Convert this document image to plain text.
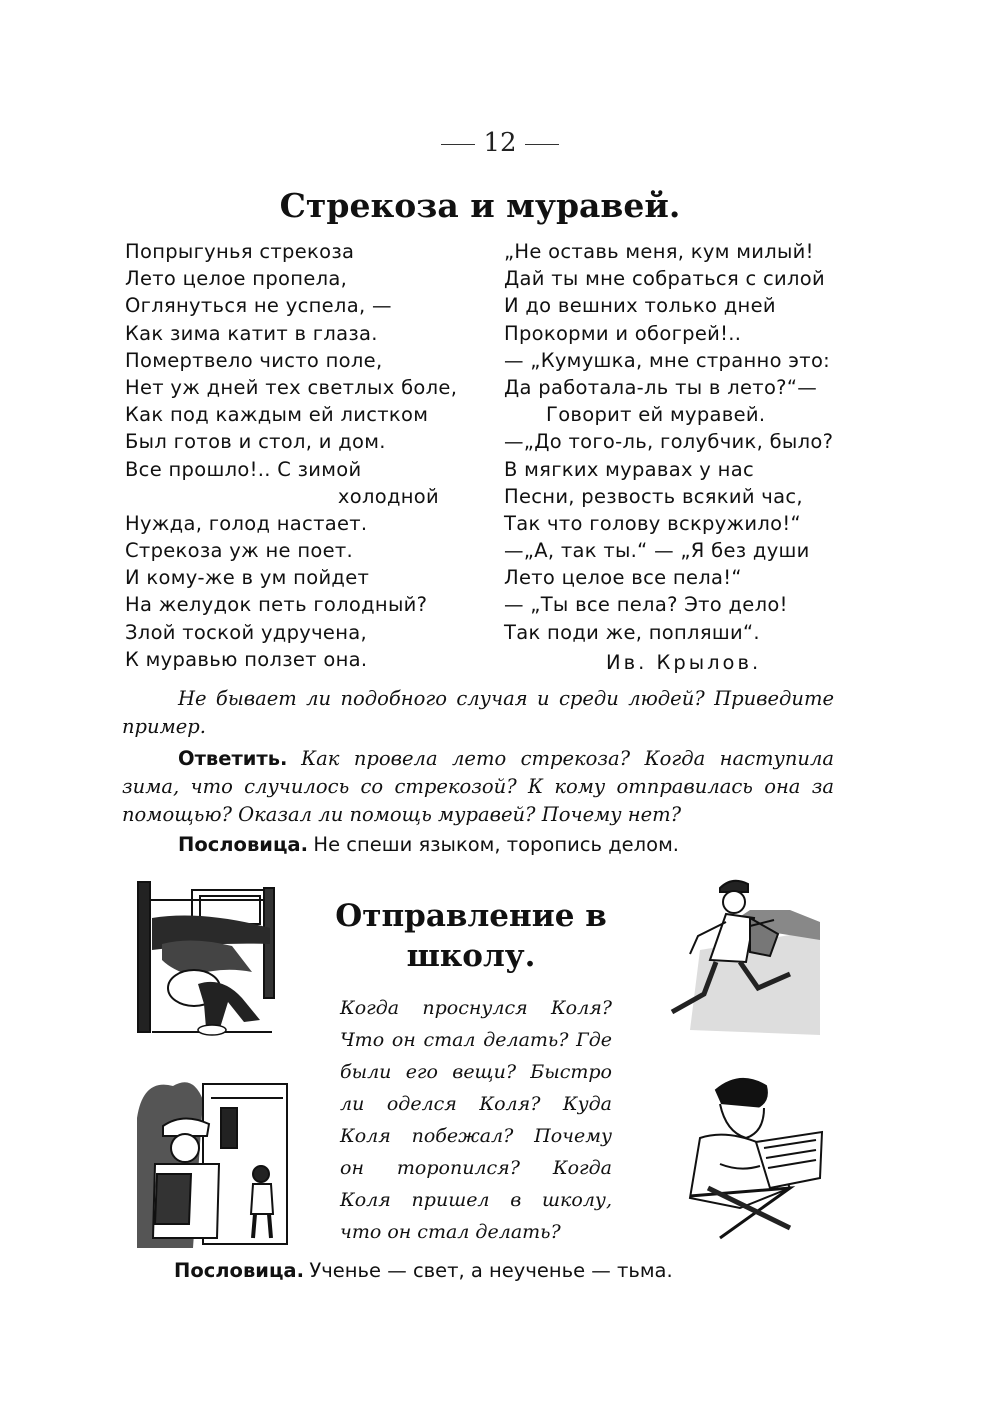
12
Стрекоза и муравей.
Попрыгунья стрекоза
Лето целое пропела,
Оглянуться не успела, —
Как зима катит в глаза.
Помертвело чисто поле,
Нет уж дней тех светлых боле,
Как под каждым ей листком
Был готов и стол, и дом.
Все прошло!.. С зимой
холодной
Нужда, голод настает.
Стрекоза уж не поет.
И кому-же в ум пойдет
На желудок петь голодный?
Злой тоской удручена,
К муравью ползет она.
„Не оставь меня, кум милый!
Дай ты мне собраться с силой
И до вешних только дней
Прокорми и обогрей!..
— „Кумушка, мне странно это:
Да работала-ль ты в лето?“—
Говорит ей муравей.
—„До того-ль, голубчик, было?
В мягких муравах у нас
Песни, резвость всякий час,
Так что голову вскружило!“
—„А, так ты.“ — „Я без души
Лето целое все пела!“
— „Ты все пела? Это дело!
Так поди же, попляши“.
Ив. Крылов.

Не бывает ли подобного случая и среди людей? Приведите пример.

Ответить. Как провела лето стрекоза? Когда наступила зима, что случилось со стрекозой? К кому отправилась она за помощью? Оказал ли помощь муравей? Почему нет?

Пословица. Не спеши языком, торопись делом.

Отправление в школу.

Когда проснулся Коля? Что он стал делать? Где были его вещи? Быстро ли оделся Коля? Куда Коля побежал? Почему он торопился? Когда Коля пришел в школу, что он стал делать?

Пословица. Ученье — свет, а неученье — тьма.
